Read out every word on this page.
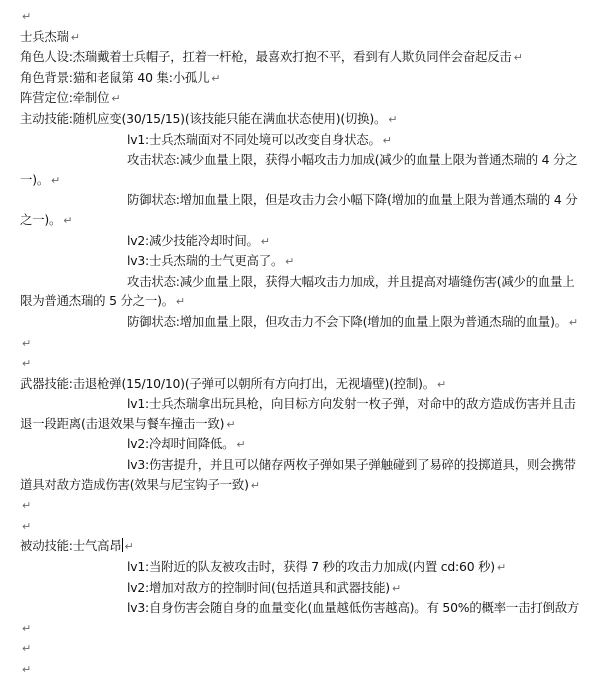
↵
士兵杰瑞 ↵
角色人设:杰瑞戴着士兵帽子，扛着一杆枪，最喜欢打抱不平，看到有人欺负同伴会奋起反击 ↵
角色背景:猫和老鼠第 40 集:小孤儿 ↵
阵营定位:牵制位 ↵
主动技能:随机应变(30/15/15)(该技能只能在满血状态使用)(切换)。 ↵
lv1:士兵杰瑞面对不同处境可以改变自身状态。 ↵
攻击状态:减少血量上限，获得小幅攻击力加成(减少的血量上限为普通杰瑞的 4 分之一)。 ↵
防御状态:增加血量上限，但是攻击力会小幅下降(增加的血量上限为普通杰瑞的 4 分之一)。 ↵
lv2:减少技能冷却时间。 ↵
lv3:士兵杰瑞的士气更高了。 ↵
攻击状态:减少血量上限，获得大幅攻击力加成，并且提高对墙缝伤害(减少的血量上限为普通杰瑞的 5 分之一)。 ↵
防御状态:增加血量上限，但攻击力不会下降(增加的血量上限为普通杰瑞的血量)。 ↵
↵
↵
武器技能:击退枪弹(15/10/10)(子弹可以朝所有方向打出，无视墙壁)(控制)。 ↵
lv1:士兵杰瑞拿出玩具枪，向目标方向发射一枚子弹，对命中的敌方造成伤害并且击退一段距离(击退效果与餐车撞击一致) ↵
lv2:冷却时间降低。 ↵
lv3:伤害提升，并且可以储存两枚子弹如果子弹触碰到了易碎的投掷道具，则会携带道具对敌方造成伤害(效果与尼宝钩子一致) ↵
↵
↵
被动技能:士气高昂 ↵
lv1:当附近的队友被攻击时，获得 7 秒的攻击力加成(内置 cd:60 秒) ↵
lv2:增加对敌方的控制时间(包括道具和武器技能) ↵
lv3:自身伤害会随自身的血量变化(血量越低伤害越高)。有 50%的概率一击打倒敌方↵
↵
↵
